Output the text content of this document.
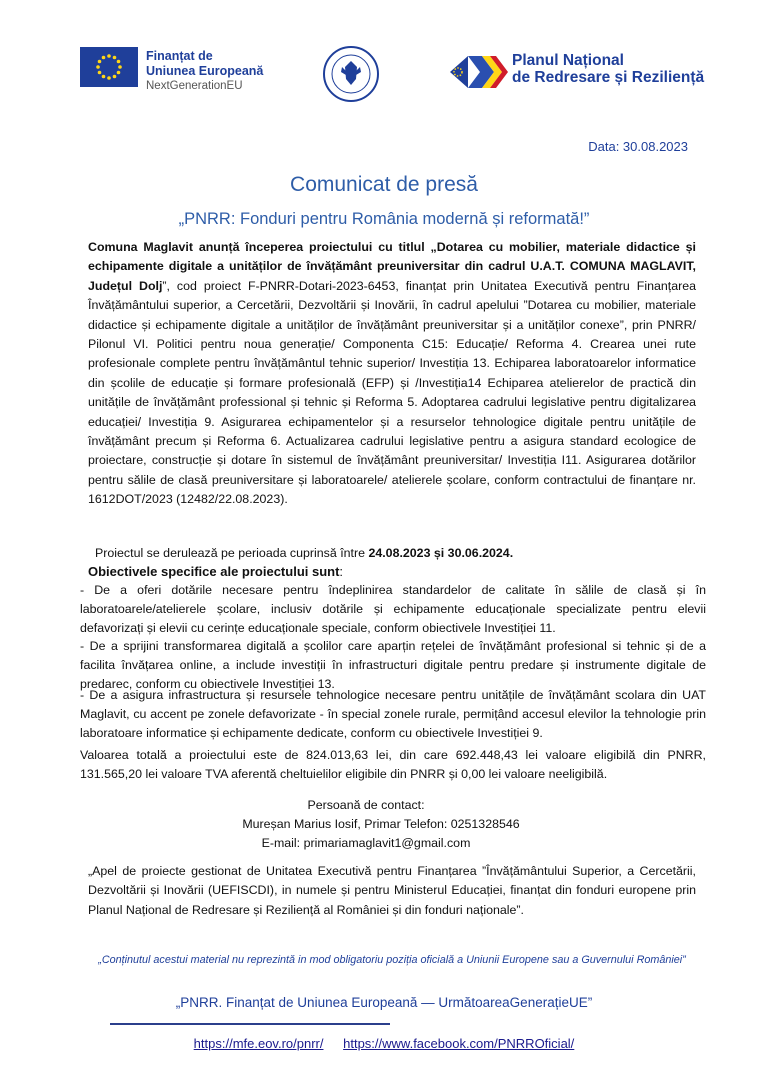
Finanțat de
Uniunea Europeană
NextGenerationEU
Planul Național
de Redresare și Reziliență
Data: 30.08.2023
Comunicat de presă
„PNRR: Fonduri pentru România modernă și reformată!”
Comuna Maglavit anunță începerea proiectului cu titlul „Dotarea cu mobilier, materiale didactice și echipamente digitale a unităților de învățământ preuniversitar din cadrul U.A.T. COMUNA MAGLAVIT, Județul Dolj”, cod proiect F-PNRR-Dotari-2023-6453, finanțat prin Unitatea Executivă pentru Finanțarea Învățământului superior, a Cercetării, Dezvoltării și Inovării, în cadrul apelului ”Dotarea cu mobilier, materiale didactice și echipamente digitale a unităților de învățământ preuniversitar și a unităților conexe”, prin PNRR/ Pilonul VI. Politici pentru noua generație/ Componenta C15: Educație/ Reforma 4. Crearea unei rute profesionale complete pentru învățământul tehnic superior/ Investiția 13. Echiparea laboratoarelor informatice din școlile de educație și formare profesională (EFP) și /Investiția14 Echiparea atelierelor de practică din unitățile de învățământ professional și tehnic și Reforma 5. Adoptarea cadrului legislative pentru digitalizarea educației/ Investiția 9. Asigurarea echipamentelor și a resurselor tehnologice digitale pentru unitățile de învățământ precum și Reforma 6. Actualizarea cadrului legislative pentru a asigura standard ecologice de proiectare, construcție și dotare în sistemul de învățământ preuniversitar/ Investiția I11. Asigurarea dotărilor pentru sălile de clasă preuniversitare și laboratoarele/ atelierele școlare, conform contractului de finanțare nr. 1612DOT/2023 (12482/22.08.2023).
Proiectul se derulează pe perioada cuprinsă între 24.08.2023 și 30.06.2024.
Obiectivele specifice ale proiectului sunt:
- De a oferi dotările necesare pentru îndeplinirea standardelor de calitate în sălile de clasă și în laboratoarele/atelierele școlare, inclusiv dotările și echipamente educaționale specializate pentru elevii defavorizați și elevii cu cerințe educaționale speciale, conform obiectivele Investiției 11.
- De a sprijini transformarea digitală a școlilor care aparțin rețelei de învățământ profesional si tehnic și de a facilita învățarea online, a include investiții în infrastructuri digitale pentru predare și instrumente digitale de predarec, conform cu obiectivele Investiției 13.
- De a asigura infrastructura și resursele tehnologice necesare pentru unitățile de învățământ scolara din UAT Maglavit, cu accent pe zonele defavorizate - în special zonele rurale, permițând accesul elevilor la tehnologie prin laboratoare informatice și echipamente dedicate, conform cu obiectivele Investiției 9.
Valoarea totală a proiectului este de 824.013,63 lei, din care 692.448,43 lei valoare eligibilă din PNRR, 131.565,20 lei valoare TVA aferentă cheltuielilor eligibile din PNRR și 0,00 lei valoare neeligibilă.
Persoană de contact:
Mureșan Marius Iosif, Primar Telefon: 0251328546
E-mail: primariamaglavit1@gmail.com
„Apel de proiecte gestionat de Unitatea Executivă pentru Finanțarea ”Învățământului Superior, a Cercetării, Dezvoltării și Inovării (UEFISCDI), in numele și pentru Ministerul Educației, finanțat din fonduri europene prin Planul Național de Redresare și Reziliență al României și din fonduri naționale”.
„Conținutul acestui material nu reprezintă in mod obligatoriu poziția oficială a Uniunii Europene sau a Guvernului României”
„PNRR. Finanțat de Uniunea Europeană — UrmătoareaGenerațieUE”
https://mfe.eov.ro/pnrr/ https://www.facebook.com/PNRROficial/
